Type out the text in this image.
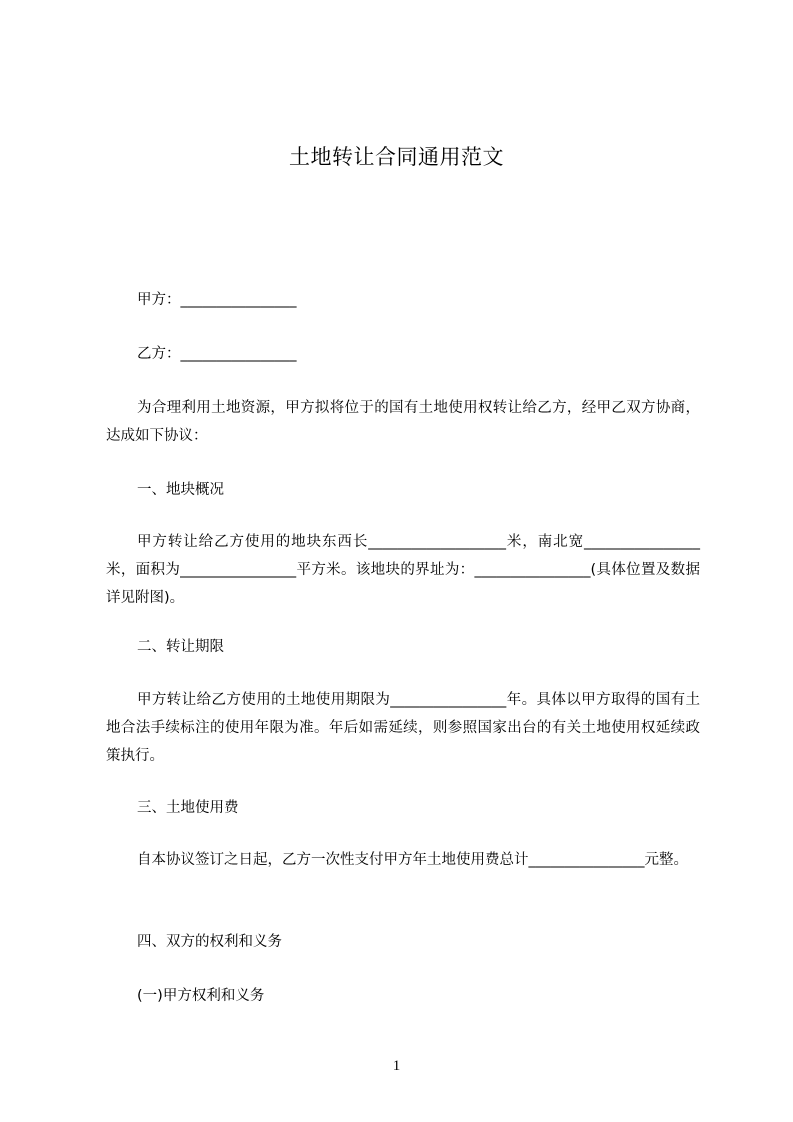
土地转让合同通用范文
甲方：________________
乙方：________________
为合理利用土地资源，甲方拟将位于的国有土地使用权转让给乙方，经甲乙双方协商，达成如下协议：
一、地块概况
甲方转让给乙方使用的地块东西长___________________米，南北宽________________米，面积为________________平方米。该地块的界址为：________________(具体位置及数据详见附图)。
二、转让期限
甲方转让给乙方使用的土地使用期限为________________年。具体以甲方取得的国有土地合法手续标注的使用年限为准。年后如需延续，则参照国家出台的有关土地使用权延续政策执行。
三、土地使用费
自本协议签订之日起，乙方一次性支付甲方年土地使用费总计________________元整。
四、双方的权利和义务
(一)甲方权利和义务
1
